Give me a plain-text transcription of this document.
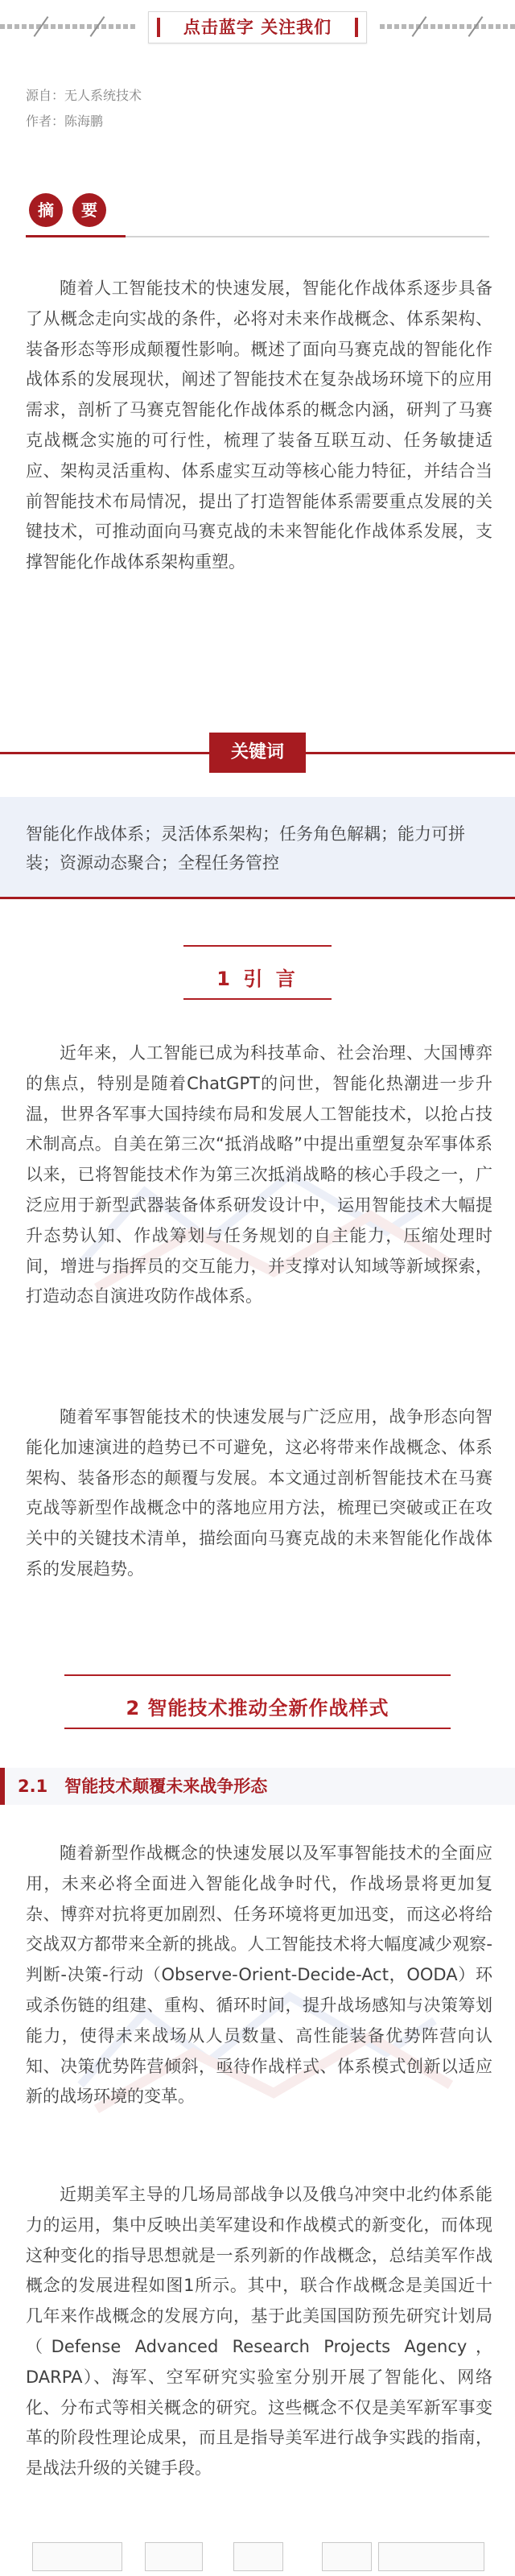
点击蓝字 关注我们
源自：无人系统技术
作者：陈海鹏
摘	要

随着人工智能技术的快速发展，智能化作战体系逐步具备了从概念走向实战的条件，必将对未来作战概念、体系架构、装备形态等形成颠覆性影响。概述了面向马赛克战的智能化作战体系的发展现状，阐述了智能技术在复杂战场环境下的应用需求，剖析了马赛克智能化作战体系的概念内涵，研判了马赛克战概念实施的可行性，梳理了装备互联互动、任务敏捷适应、架构灵活重构、体系虚实互动等核心能力特征，并结合当前智能技术布局情况，提出了打造智能体系需要重点发展的关键技术，可推动面向马赛克战的未来智能化作战体系发展，支撑智能化作战体系架构重塑。

关键词

智能化作战体系；灵活体系架构；任务角色解耦；能力可拼装；资源动态聚合；全程任务管控

1 引 言

近年来，人工智能已成为科技革命、社会治理、大国博弈的焦点，特别是随着ChatGPT的问世，智能化热潮进一步升温，世界各军事大国持续布局和发展人工智能技术，以抢占技术制高点。自美在第三次“抵消战略”中提出重塑复杂军事体系以来，已将智能技术作为第三次抵消战略的核心手段之一，广泛应用于新型武器装备体系研发设计中，运用智能技术大幅提升态势认知、作战筹划与任务规划的自主能力，压缩处理时间，增进与指挥员的交互能力，并支撑对认知域等新域探索，打造动态自演进攻防作战体系。

随着军事智能技术的快速发展与广泛应用，战争形态向智能化加速演进的趋势已不可避免，这必将带来作战概念、体系架构、装备形态的颠覆与发展。本文通过剖析智能技术在马赛克战等新型作战概念中的落地应用方法，梳理已突破或正在攻关中的关键技术清单，描绘面向马赛克战的未来智能化作战体系的发展趋势。

2 智能技术推动全新作战样式
2.1　智能技术颠覆未来战争形态

随着新型作战概念的快速发展以及军事智能技术的全面应用，未来必将全面进入智能化战争时代，作战场景将更加复杂、博弈对抗将更加剧烈、任务环境将更加迅变，而这必将给交战双方都带来全新的挑战。人工智能技术将大幅度减少观察-判断-决策-行动（Observe-Orient-Decide-Act，OODA）环或杀伤链的组建、重构、循环时间，提升战场感知与决策筹划能力，使得未来战场从人员数量、高性能装备优势阵营向认知、决策优势阵营倾斜，亟待作战样式、体系模式创新以适应新的战场环境的变革。

近期美军主导的几场局部战争以及俄乌冲突中北约体系能力的运用，集中反映出美军建设和作战模式的新变化，而体现这种变化的指导思想就是一系列新的作战概念，总结美军作战概念的发展进程如图1所示。其中，联合作战概念是美国近十几年来作战概念的发展方向，基于此美国国防预先研究计划局（Defense Advanced Research Projects Agency，DARPA）、海军、空军研究实验室分别开展了智能化、网络化、分布式等相关概念的研究。这些概念不仅是美军新军事变革的阶段性理论成果，而且是指导美军进行战争实践的指南，是战法升级的关键手段。
